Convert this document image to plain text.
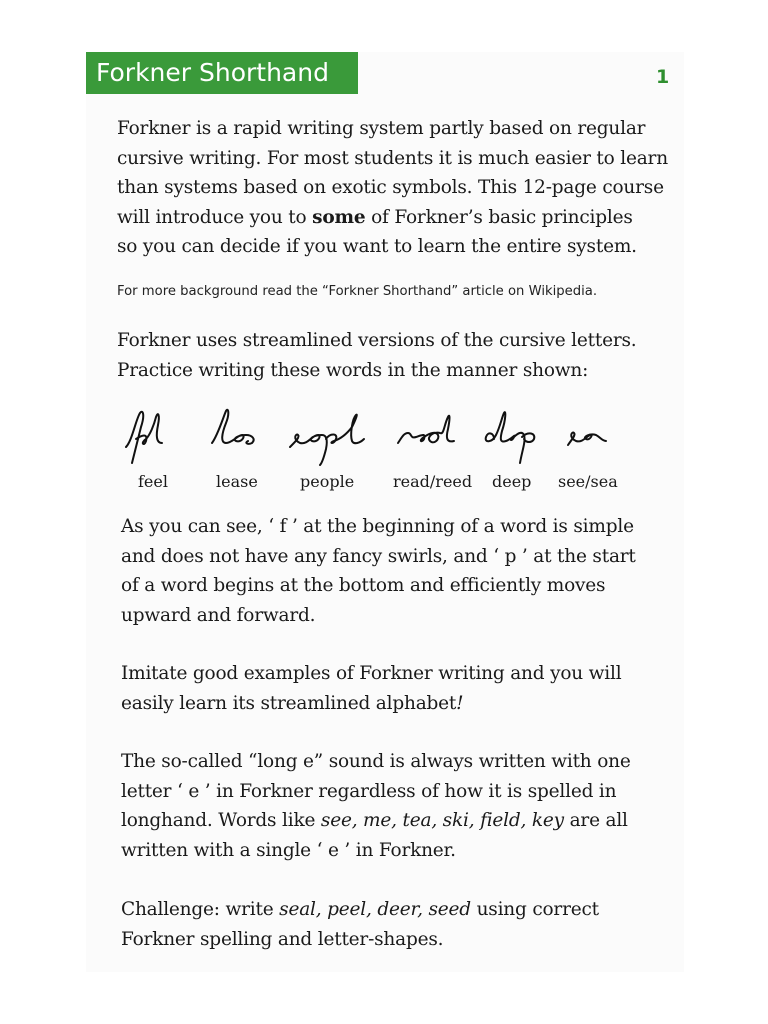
Forkner Shorthand	1

Forkner is a rapid writing system partly based on regular
cursive writing. For most students it is much easier to learn
than systems based on exotic symbols. This 12-page course
will introduce you to some of Forkner’s basic principles
so you can decide if you want to learn the entire system.

For more background read the “Forkner Shorthand” article on Wikipedia.

Forkner uses streamlined versions of the cursive letters.
Practice writing these words in the manner shown:

feel	lease	people read/reed deep see/sea

As you can see, ‘ f ’ at the beginning of a word is simple
and does not have any fancy swirls, and ‘ p ’ at the start
of a word begins at the bottom and efficiently moves
upward and forward.

Imitate good examples of Forkner writing and you will
easily learn its streamlined alphabet!

The so-called “long e” sound is always written with one
letter ‘ e ’ in Forkner regardless of how it is spelled in
longhand. Words like see, me, tea, ski, field, key are all
written with a single ‘ e ’ in Forkner.

Challenge: write seal, peel, deer, seed using correct
Forkner spelling and letter-shapes.
